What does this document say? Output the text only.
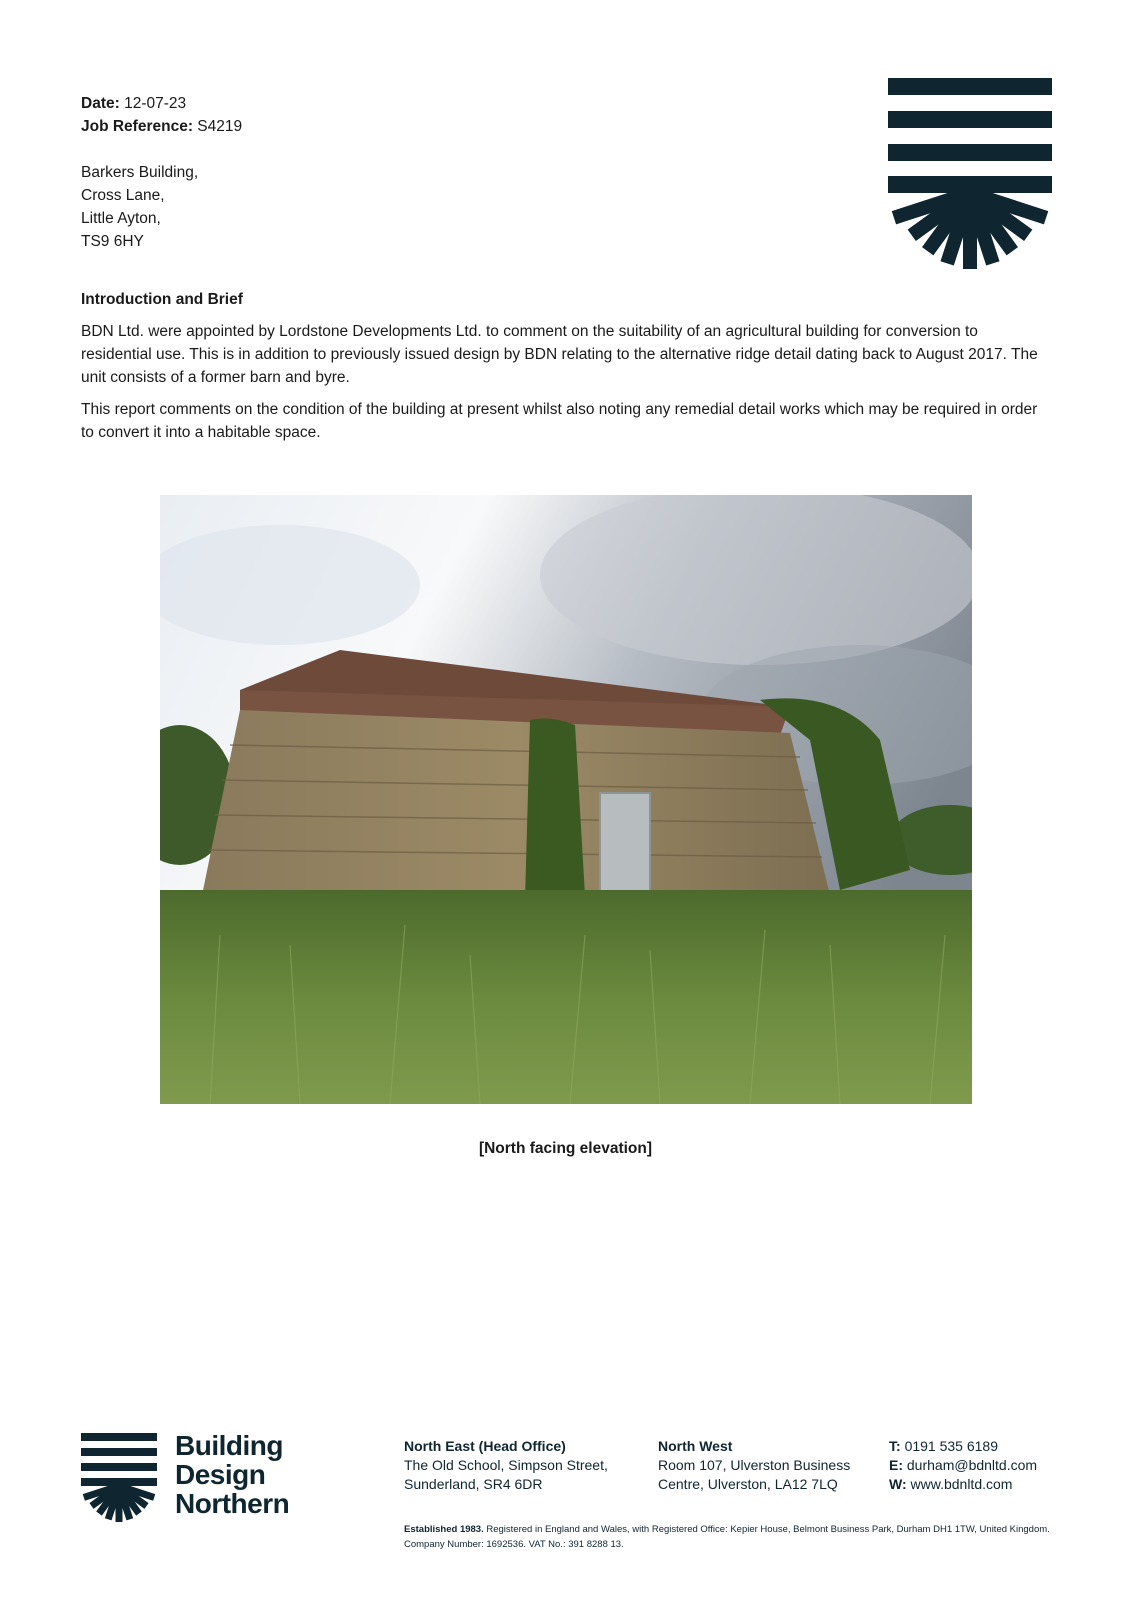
Date: 12-07-23
Job Reference: S4219
Barkers Building,
Cross Lane,
Little Ayton,
TS9 6HY
Introduction and Brief

BDN Ltd. were appointed by Lordstone Developments Ltd. to comment on the suitability of an agricultural building for conversion to residential use. This is in addition to previously issued design by BDN relating to the alternative ridge detail dating back to August 2017. The unit consists of a former barn and byre.

This report comments on the condition of the building at present whilst also noting any remedial detail works which may be required in order to convert it into a habitable space.

[North facing elevation]
Building
Design
Northern
North East (Head Office)
The Old School, Simpson Street,
Sunderland, SR4 6DR
North West
Room 107, Ulverston Business
Centre, Ulverston, LA12 7LQ
T: 0191 535 6189
E: durham@bdnltd.com
W: www.bdnltd.com
Established 1983. Registered in England and Wales, with Registered Office: Kepier House, Belmont Business Park, Durham DH1 1TW, United Kingdom. Company Number: 1692536. VAT No.: 391 8288 13.
